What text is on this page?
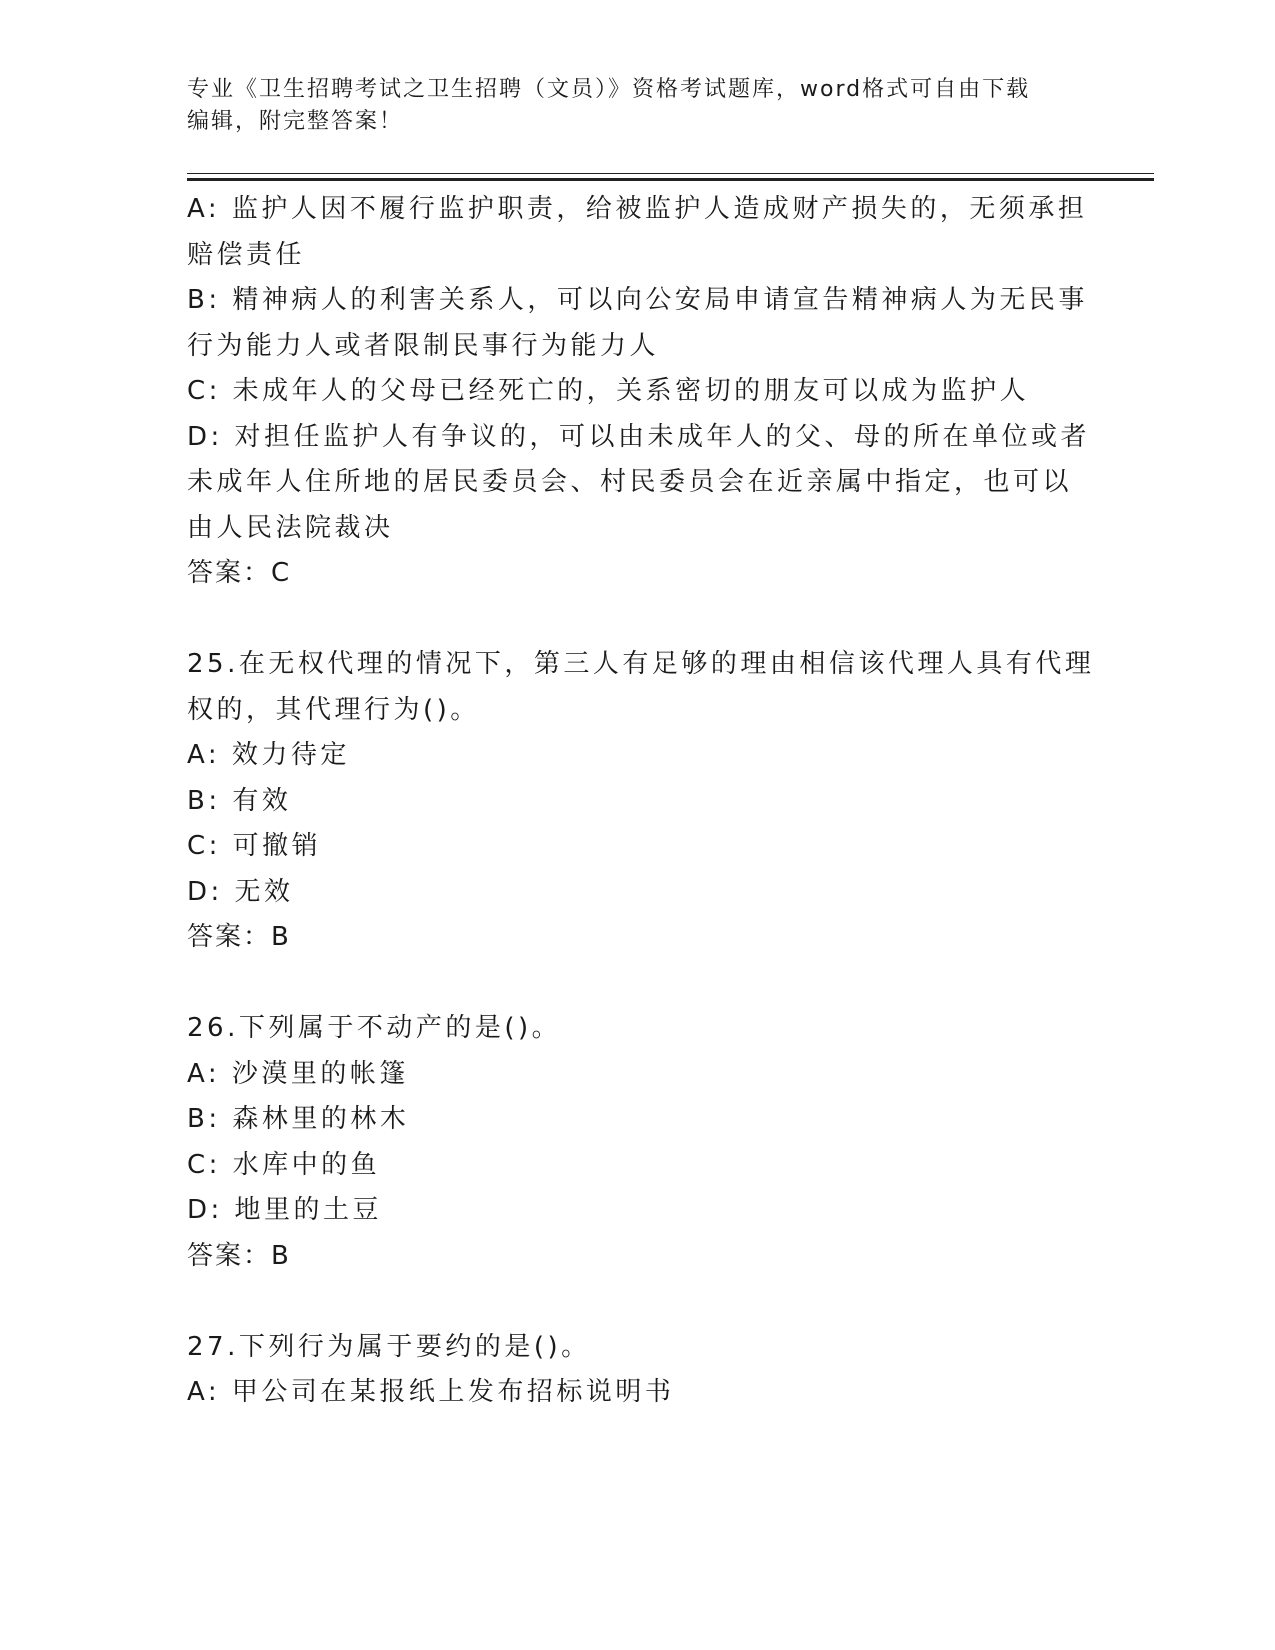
专业《卫生招聘考试之卫生招聘（文员）》资格考试题库，word格式可自由下载
编辑，附完整答案！
A: 监护人因不履行监护职责，给被监护人造成财产损失的，无须承担
赔偿责任
B: 精神病人的利害关系人，可以向公安局申请宣告精神病人为无民事
行为能力人或者限制民事行为能力人
C: 未成年人的父母已经死亡的，关系密切的朋友可以成为监护人
D: 对担任监护人有争议的，可以由未成年人的父、母的所在单位或者
未成年人住所地的居民委员会、村民委员会在近亲属中指定，也可以
由人民法院裁决
答案：C
25.在无权代理的情况下，第三人有足够的理由相信该代理人具有代理
权的，其代理行为()。
A: 效力待定
B: 有效
C: 可撤销
D: 无效
答案：B
26.下列属于不动产的是()。
A: 沙漠里的帐篷
B: 森林里的林木
C: 水库中的鱼
D: 地里的土豆
答案：B
27.下列行为属于要约的是()。
A: 甲公司在某报纸上发布招标说明书
